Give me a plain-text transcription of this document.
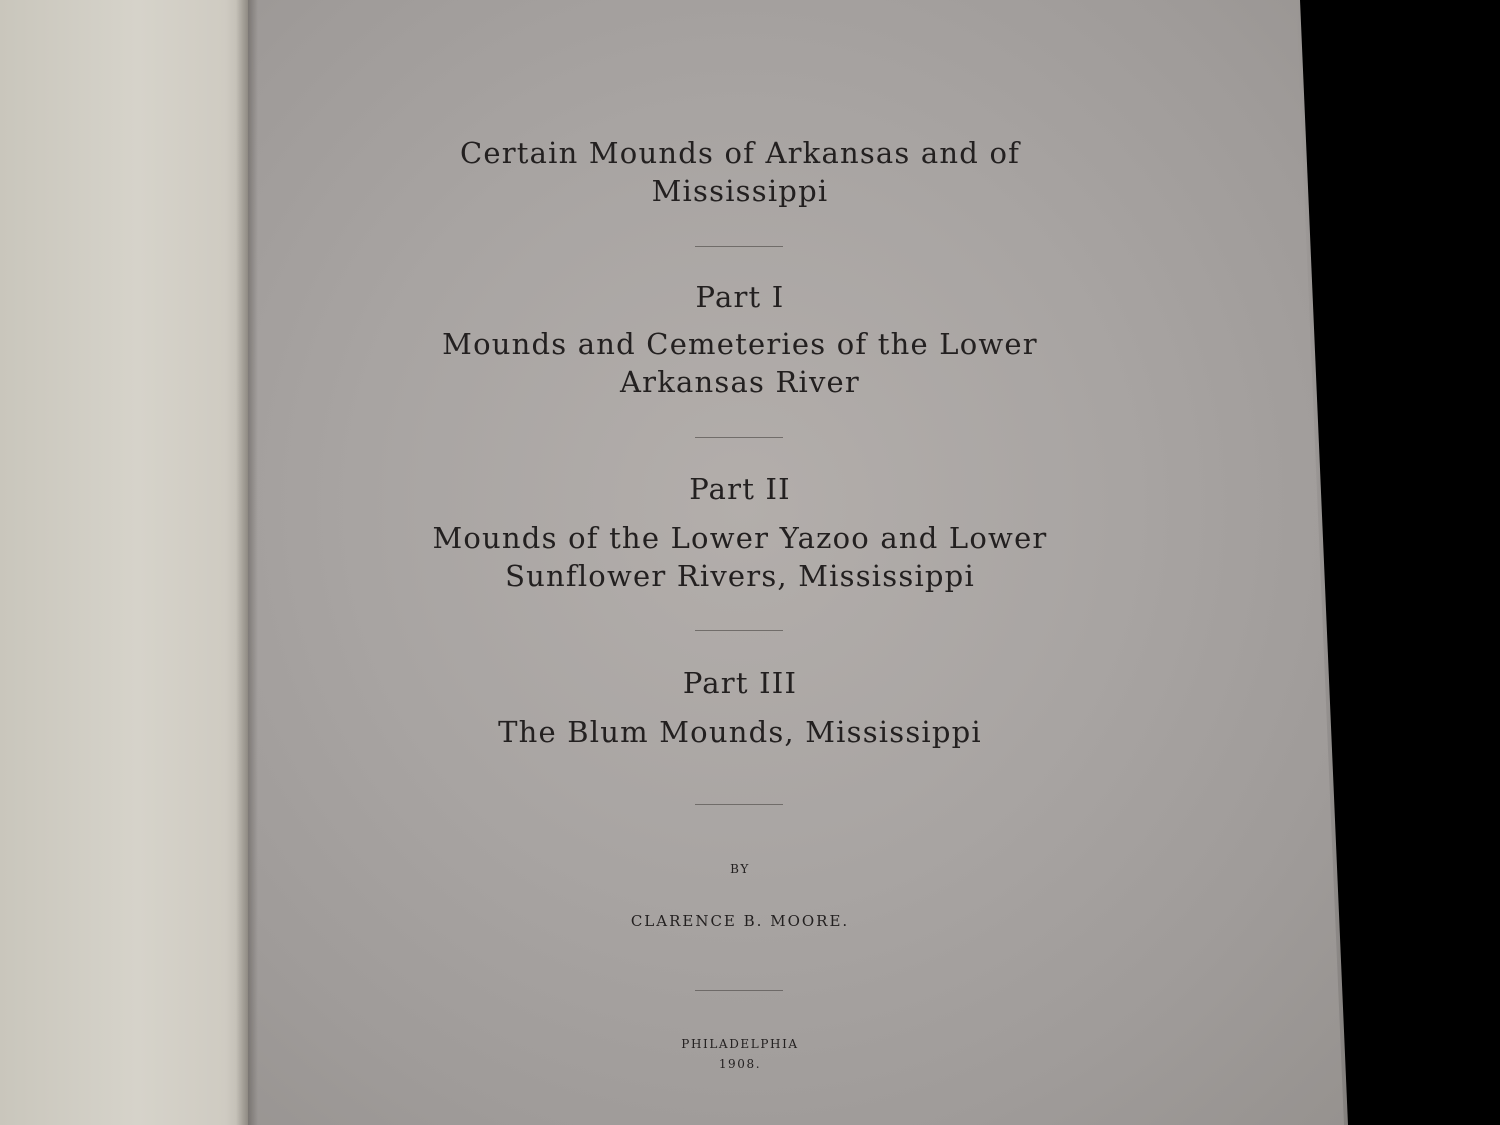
Certain Mounds of Arkansas and of
Mississippi
Part I
Mounds and Cemeteries of the Lower
Arkansas River
Part II
Mounds of the Lower Yazoo and Lower
Sunflower Rivers, Mississippi
Part III
The Blum Mounds, Mississippi
BY
CLARENCE B. MOORE.
PHILADELPHIA
1908.
